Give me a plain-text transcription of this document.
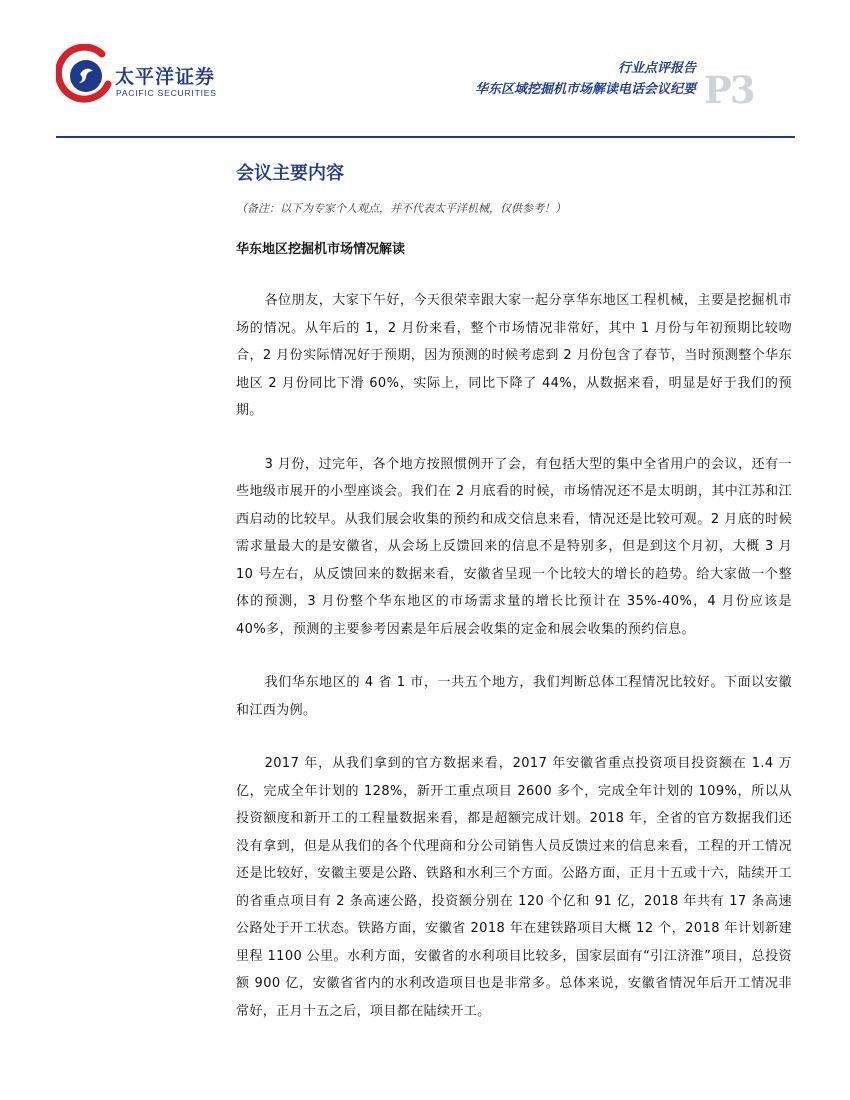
太平洋证券
PACIFIC SECURITIES
行业点评报告
华东区域挖掘机市场解读电话会议纪要 P3
会议主要内容

（备注：以下为专家个人观点，并不代表太平洋机械，仅供参考！）

华东地区挖掘机市场情况解读

各位朋友，大家下午好，今天很荣幸跟大家一起分享华东地区工程机械，主要是挖掘机市场的情况。从年后的 1，2 月份来看，整个市场情况非常好，其中 1 月份与年初预期比较吻合，2 月份实际情况好于预期，因为预测的时候考虑到 2 月份包含了春节，当时预测整个华东地区 2 月份同比下滑 60%，实际上，同比下降了 44%，从数据来看，明显是好于我们的预期。

3 月份，过完年，各个地方按照惯例开了会，有包括大型的集中全省用户的会议，还有一些地级市展开的小型座谈会。我们在 2 月底看的时候，市场情况还不是太明朗，其中江苏和江西启动的比较早。从我们展会收集的预约和成交信息来看，情况还是比较可观。2 月底的时候需求量最大的是安徽省，从会场上反馈回来的信息不是特别多，但是到这个月初，大概 3 月 10 号左右，从反馈回来的数据来看，安徽省呈现一个比较大的增长的趋势。给大家做一个整体的预测，3 月份整个华东地区的市场需求量的增长比预计在 35%-40%，4 月份应该是 40%多，预测的主要参考因素是年后展会收集的定金和展会收集的预约信息。

我们华东地区的 4 省 1 市，一共五个地方，我们判断总体工程情况比较好。下面以安徽和江西为例。

2017 年，从我们拿到的官方数据来看，2017 年安徽省重点投资项目投资额在 1.4 万亿，完成全年计划的 128%，新开工重点项目 2600 多个，完成全年计划的 109%，所以从投资额度和新开工的工程量数据来看，都是超额完成计划。2018 年，全省的官方数据我们还没有拿到，但是从我们的各个代理商和分公司销售人员反馈过来的信息来看，工程的开工情况还是比较好，安徽主要是公路、铁路和水利三个方面。公路方面，正月十五或十六，陆续开工的省重点项目有 2 条高速公路，投资额分别在 120 个亿和 91 亿，2018 年共有 17 条高速公路处于开工状态。铁路方面，安徽省 2018 年在建铁路项目大概 12 个，2018 年计划新建里程 1100 公里。水利方面，安徽省的水利项目比较多，国家层面有“引江济淮”项目，总投资额 900 亿，安徽省省内的水利改造项目也是非常多。总体来说，安徽省情况年后开工情况非常好，正月十五之后，项目都在陆续开工。
